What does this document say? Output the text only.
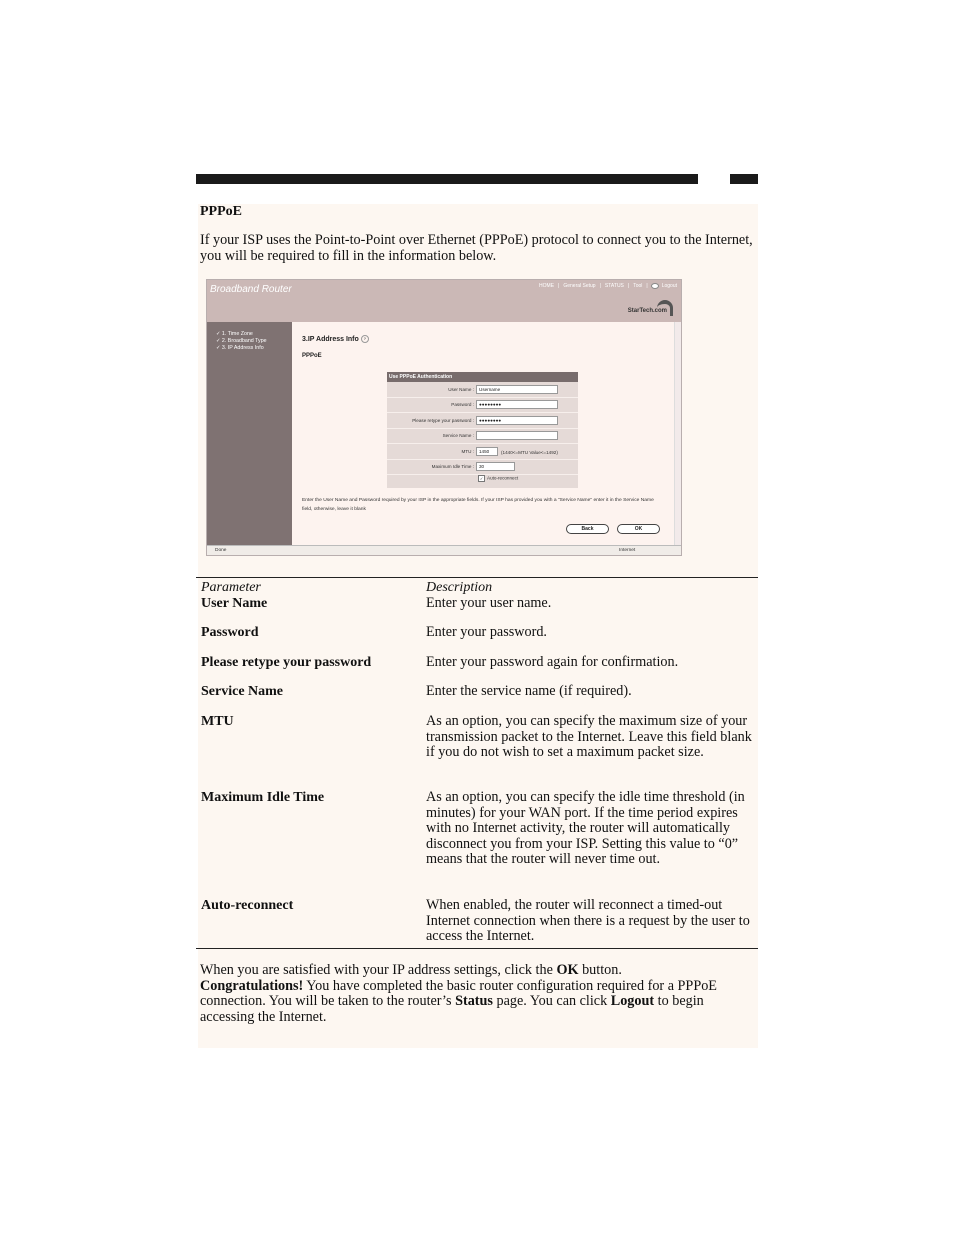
PPPoE

If your ISP uses the Point-to-Point over Ethernet (PPPoE) protocol to connect you to the Internet, you will be required to fill in the information below.

Broadband Router	HOME | General Setup | STATUS | Tool |	Logout
StarTech.com
✓ 1. Time Zone
✓ 2. Broadband Type
✓ 3. IP Address Info
3.IP Address Info ?
PPPoE
Use PPPoE Authentication
User Name :	Username
Password :	●●●●●●●●
Please retype your password :	●●●●●●●●
Service Name :
MTU :	1450	(1440<=MTU Value<=1492)
Maximum Idle Time :	30
✓ Auto-reconnect

Enter the User Name and Password required by your ISP in the appropriate fields. If your ISP has provided you with a "Service Name" enter it in the Service Name field, otherwise, leave it blank

Back	OK
Done	Internet
Parameter	Description
User Name	Enter your user name.

Password	Enter your password.

Please retype your password	Enter your password again for confirmation.

Service Name	Enter the service name (if required).

MTU	As an option, you can specify the maximum size of your transmission packet to the Internet. Leave this field blank if you do not wish to set a maximum packet size.

Maximum Idle Time	As an option, you can specify the idle time threshold (in minutes) for your WAN port. If the time period expires with no Internet activity, the router will automatically disconnect you from your ISP. Setting this value to “0” means that the router will never time out.

Auto-reconnect	When enabled, the router will reconnect a timed-out Internet connection when there is a request by the user to access the Internet.

When you are satisfied with your IP address settings, click the OK button.
Congratulations! You have completed the basic router configuration required for a PPPoE connection. You will be taken to the router’s Status page. You can click Logout to begin accessing the Internet.
